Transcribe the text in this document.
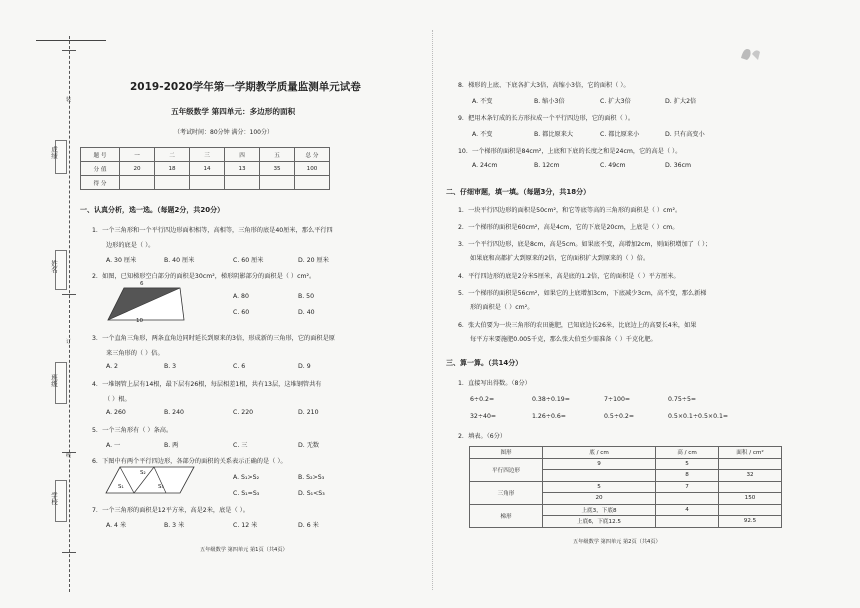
成绩
姓名
班级
学校
装
订
线
2019-2020学年第一学期教学质量监测单元试卷
五年级数学 第四单元：多边形的面积
（考试时间：80分钟 满分：100分）
题 号	一	二	三	四	五	总 分
分 值	20	18	14	13	35	100
得 分						
一、认真分析，选一选。（每题2分，共20分）
1．一个三角形和一个平行四边形面积相等，高相等，三角形的底是40厘米，那么平行四
边形的底是（ ）。
A. 30 厘米	B. 40 厘米	C. 60 厘米	D. 20 厘米
2．如图，已知梯形空白部分的面积是30cm²，梯形阴影部分的面积是（ ）cm²。
6
10
A. 80	B. 50
C. 60	D. 40
3．一个直角三角形，两条直角边同时延长到原来的3倍，形成新的三角形，它的面积是原
来三角形的（ ）倍。
A. 2	B. 3	C. 6	D. 9
4．一堆钢管上层有14根，最下层有26根，每层相差1根，共有13层，这堆钢管共有
（ ）根。
A. 260	B. 240	C. 220	D. 210
5．一个三角形有（ ）条高。
A. 一	B. 两	C. 三	D. 无数
6．下图中有两个平行四边形，各部分的面积的关系表示正确的是（ ）。
S₁
S₂
S₃
A. S₁>S₂	B. S₂>S₃
C. S₁=S₃	D. S₁<S₃
7．一个三角形的面积是12平方米，高是2米，底是（ ）。
A. 4 米	B. 3 米	C. 12 米	D. 6 米
五年级数学 第四单元 第1页（共4页）
8．梯形的上底、下底各扩大3倍，高缩小3倍，它的面积（ ）。
A. 不变	B. 缩小3倍	C. 扩大3倍	D. 扩大2倍
9．把用木条钉成的长方形拉成一个平行四边形，它的面积（ ）。
A. 不变	B. 都比原来大	C. 都比原来小	D. 只有高变小
10．一个梯形的面积是84cm²，上底和下底的长度之和是24cm，它的高是（ ）。
A. 24cm	B. 12cm	C. 49cm	D. 36cm
二、仔细审题，填一填。（每题3分，共18分）
1．一块平行四边形的面积是50cm²，和它等底等高的三角形的面积是（ ）cm²。
2．一个梯形的面积是60cm²，高是4cm，它的下底是20cm，上底是（ ）cm。
3．一个平行四边形，底是8cm，高是5cm。如果底不变，高增加2cm，则面积增加了（ ）；
如果底和高都扩大到原来的2倍，它的面积扩大到原来的（ ）倍。
4．平行四边形的底是2分米5厘米，高是底的1.2倍，它的面积是（ ）平方厘米。
5．一个梯形的面积是56cm²，如果它的上底增加3cm，下底减少3cm，高不变，那么新梯
形的面积是（ ）cm²。
6．张大伯要为一块三角形的农田施肥，已知底边长26米，比底边上的高要长4米，如果
每平方米要施肥0.005千克，那么张大伯至少需准备（ ）千克化肥。
三、算一算。（共14分）
1．直接写出得数。（8分）
6÷0.2=	0.38÷0.19=	7÷100=	0.75÷5=
32÷40=	1.26÷0.6=	0.5÷0.2=	0.5×0.1÷0.5×0.1=
2．填表。（6分）
图形	底 / cm	高 / cm	面积 / cm²
平行四边形	9	5	
		8	32
三角形	5	7	
	20		150
梯形	上底3，下底8	4	
	上底6，下底12.5		92.5
五年级数学 第四单元 第2页（共4页）
